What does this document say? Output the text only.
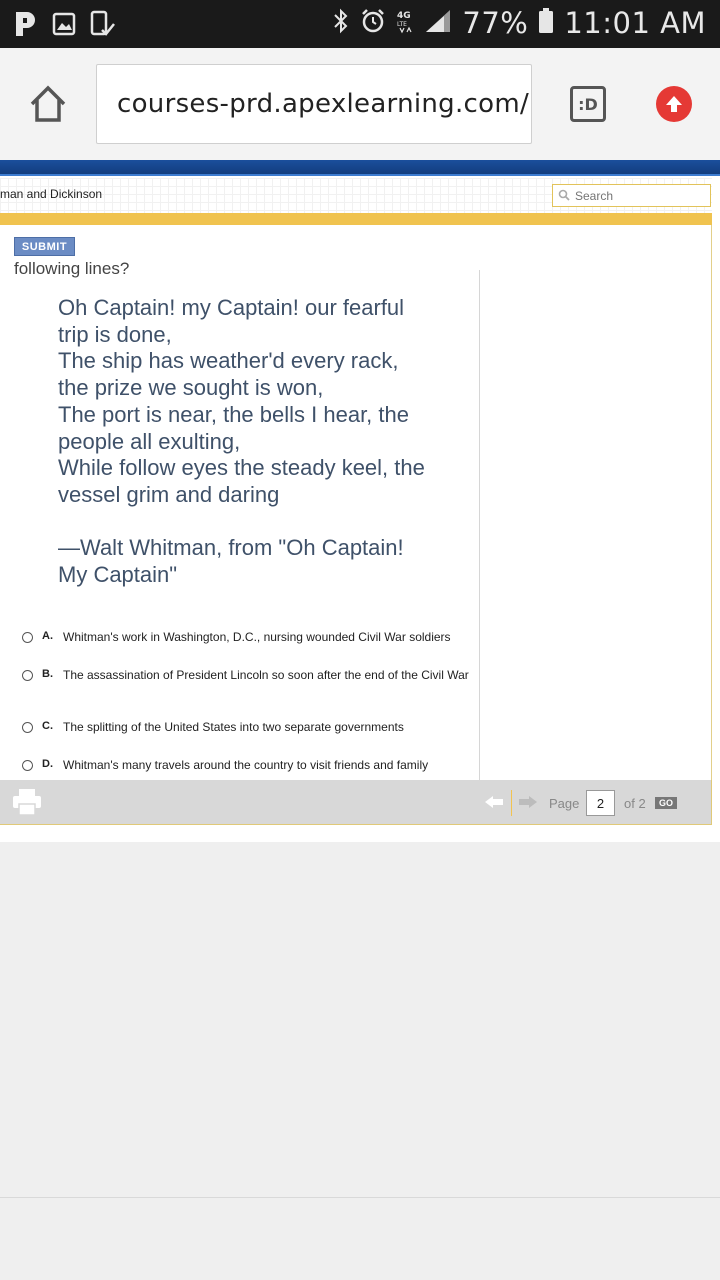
4G
LTE 77% 11:01 AM
courses-prd.apexlearning.com/	:D
man and Dickinson
Search
SUBMIT
following lines?
Oh Captain! my Captain! our fearful
trip is done,
The ship has weather'd every rack,
the prize we sought is won,
The port is near, the bells I hear, the
people all exulting,
While follow eyes the steady keel, the
vessel grim and daring
—Walt Whitman, from "Oh Captain!
My Captain"
A. Whitman's work in Washington, D.C., nursing wounded Civil War soldiers
B. The assassination of President Lincoln so soon after the end of the Civil War
C. The splitting of the United States into two separate governments
D. Whitman's many travels around the country to visit friends and family
Page
2	of 2	GO
